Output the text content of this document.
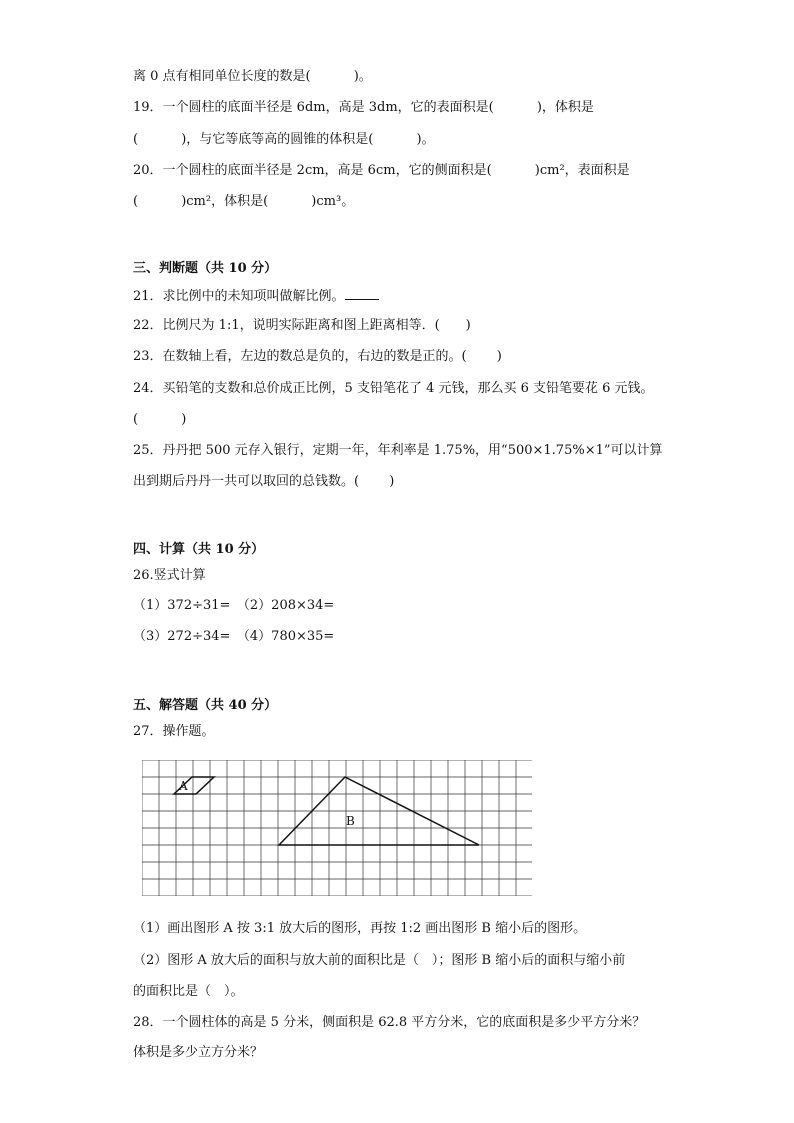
离 0 点有相同单位长度的数是(　　　 )。
19．一个圆柱的底面半径是 6dm，高是 3dm，它的表面积是(　　　 )，体积是
(　　　 )，与它等底等高的圆锥的体积是(　　　 )。
20．一个圆柱的底面半径是 2cm，高是 6cm，它的侧面积是(　　　 )cm²，表面积是
(　　　 )cm²，体积是(　　　 )cm³。
三、判断题（共 10 分）
21．求比例中的未知项叫做解比例。
22．比例尺为 1:1，说明实际距离和图上距离相等．(　　)
23．在数轴上看，左边的数总是负的，右边的数是正的。(　　 )
24．买铅笔的支数和总价成正比例，5 支铅笔花了 4 元钱，那么买 6 支铅笔要花 6 元钱。
(　　　 )
25．丹丹把 500 元存入银行，定期一年，年利率是 1.75%，用“500×1.75%×1”可以计算
出到期后丹丹一共可以取回的总钱数。(　　 )
四、计算（共 10 分）
26.竖式计算
（1）372÷31=　（2）208×34=
（3）272÷34=　（4）780×35=
五、解答题（共 40 分）
27．操作题。
A
B
（1）画出图形 A 按 3:1 放大后的图形，再按 1:2 画出图形 B 缩小后的图形。
（2）图形 A 放大后的面积与放大前的面积比是（　）；图形 B 缩小后的面积与缩小前
的面积比是（　）。
28．一个圆柱体的高是 5 分米，侧面积是 62.8 平方分米，它的底面积是多少平方分米？
体积是多少立方分米？
